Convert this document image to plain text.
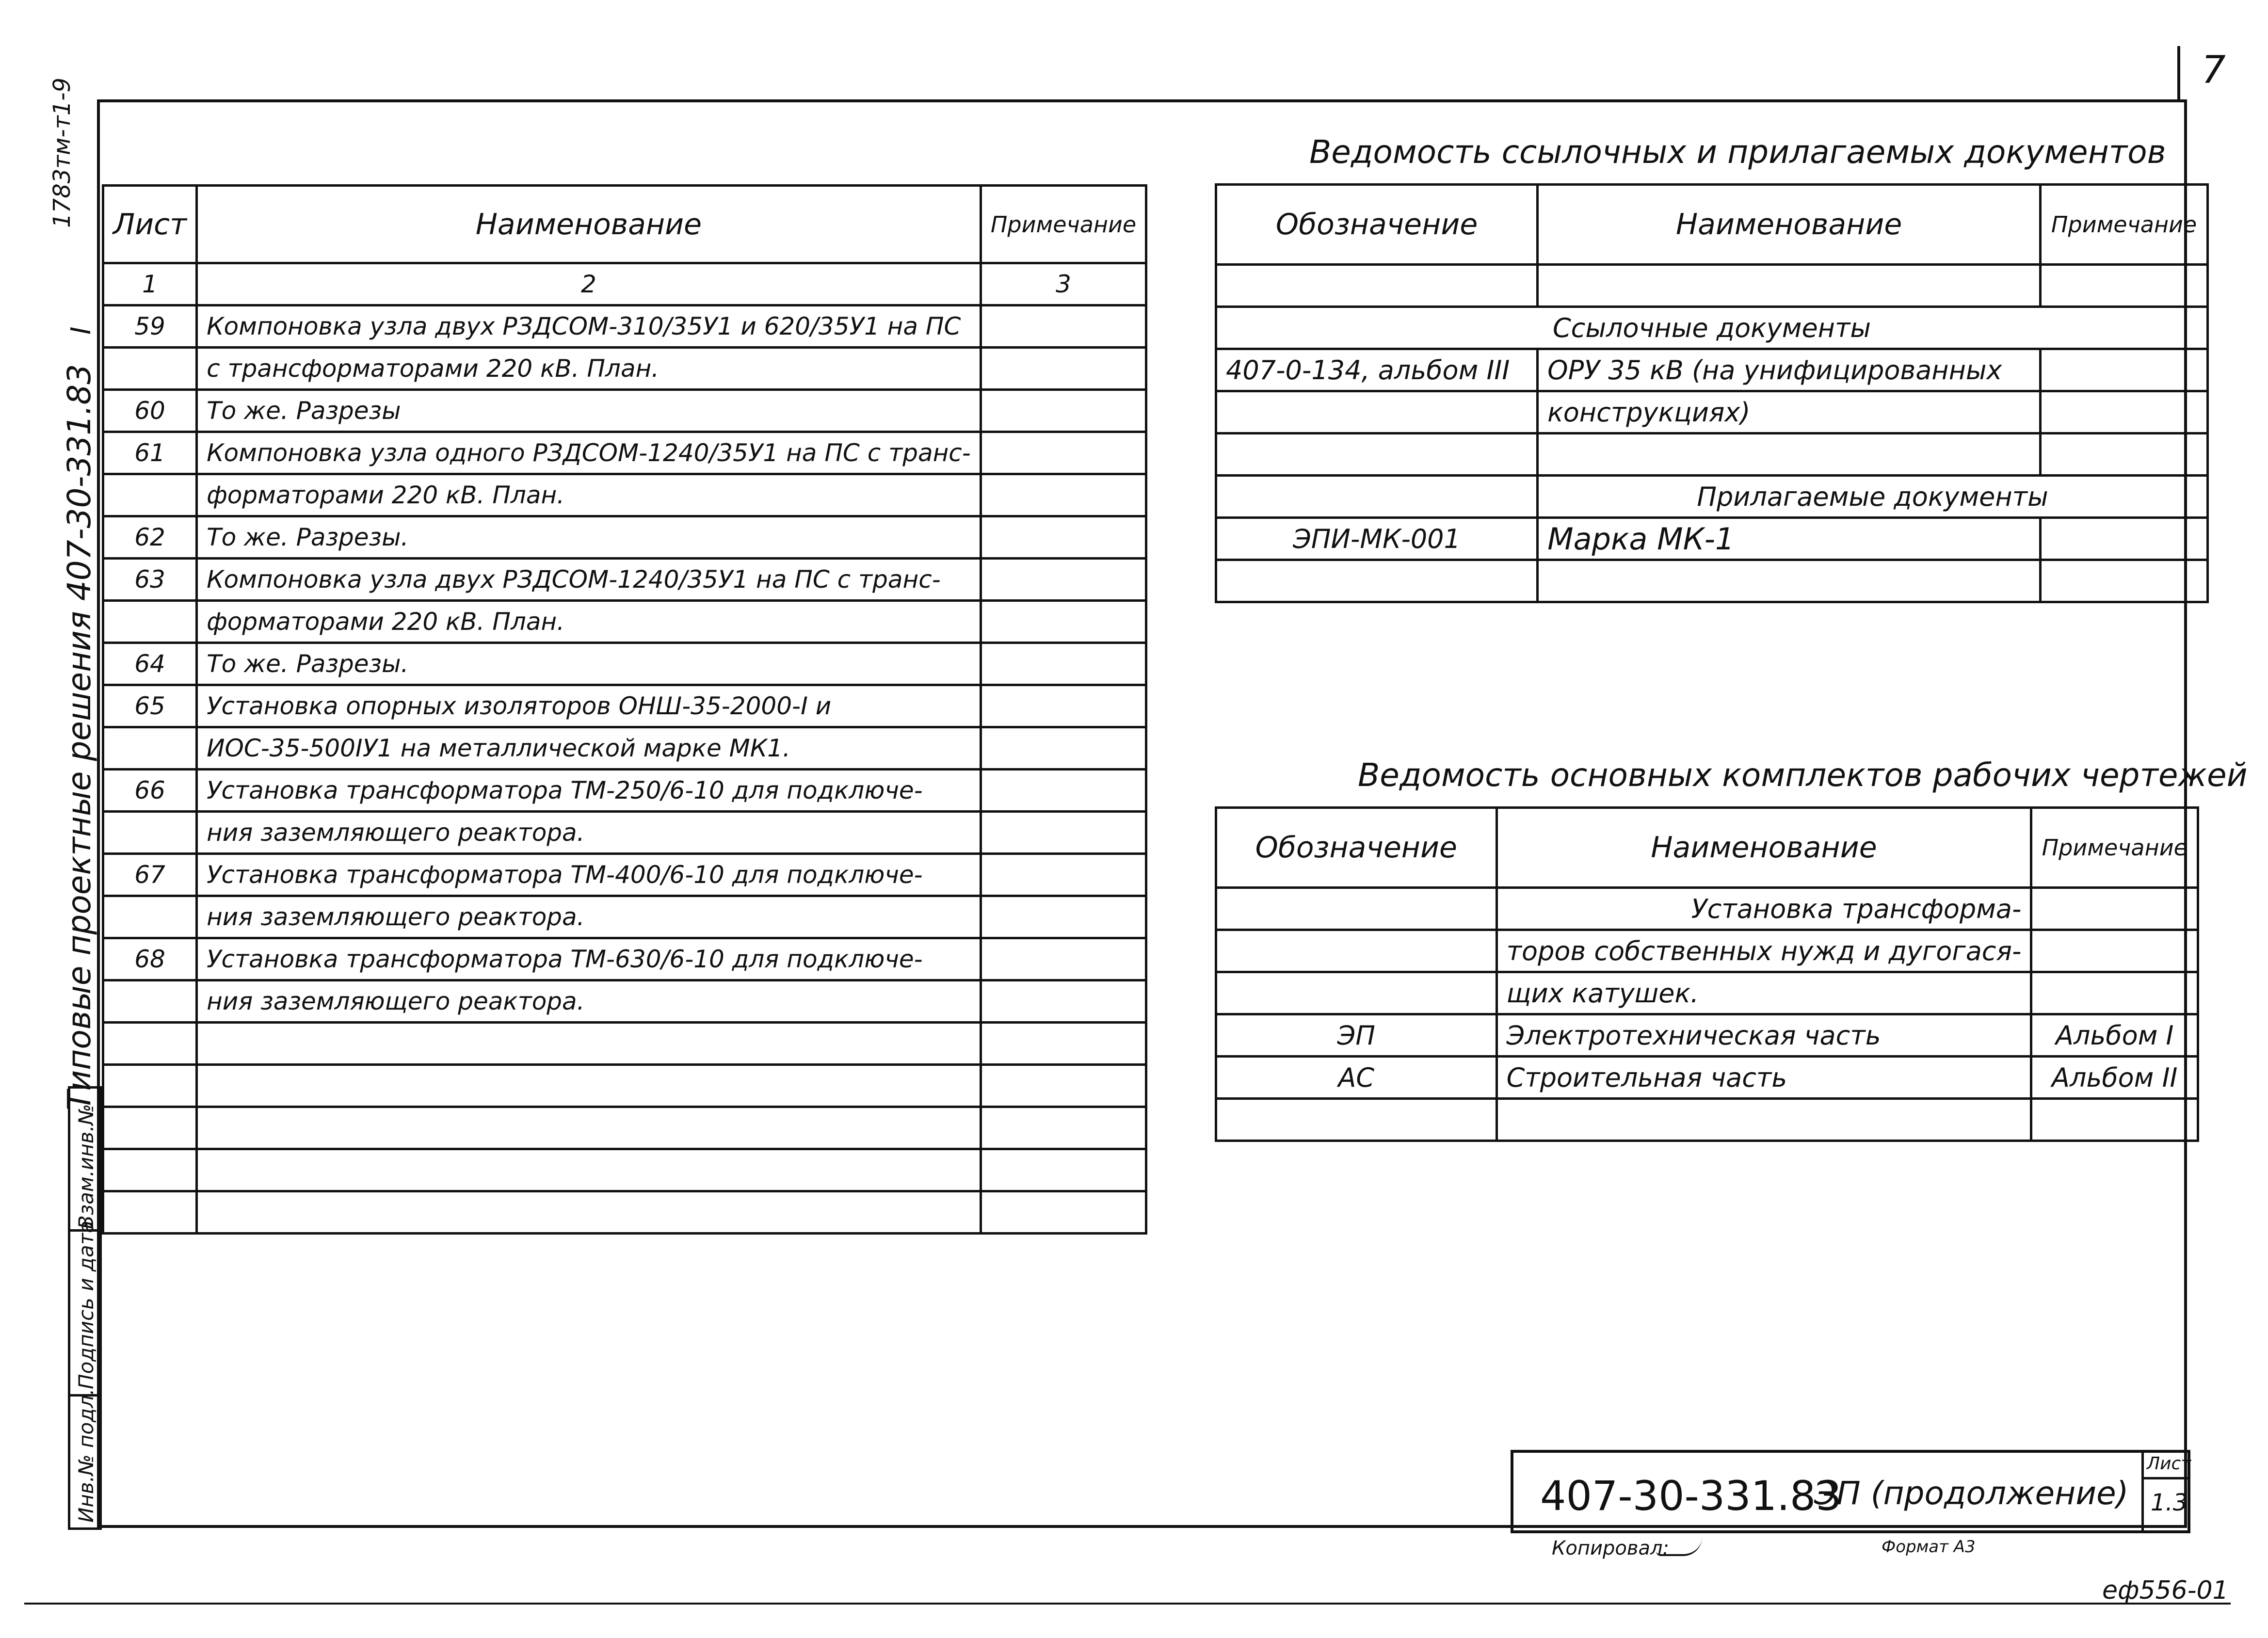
7
1783тм-т1-9
I
Типовые проектные решения 407-30-331.83
Взам.инв.№
Подпись и дата
Инв.№ подл.
Лист	Наименование	Примечание
1	2	3
59	Компоновка узла двух РЗДСОМ-310/35У1 и 620/35У1 на ПС	
	с трансформаторами 220 кВ. План.	
60	То же. Разрезы	
61	Компоновка узла одного РЗДСОМ-1240/35У1 на ПС с транс-	
	форматорами 220 кВ. План.	
62	То же. Разрезы.	
63	Компоновка узла двух РЗДСОМ-1240/35У1 на ПС с транс-	
	форматорами 220 кВ. План.	
64	То же. Разрезы.	
65	Установка опорных изоляторов ОНШ-35-2000-I и	
	ИОС-35-500IУ1 на металлической марке МК1.	
66	Установка трансформатора ТМ-250/6-10 для подключе-	
	ния заземляющего реактора.	
67	Установка трансформатора ТМ-400/6-10 для подключе-	
	ния заземляющего реактора.	
68	Установка трансформатора ТМ-630/6-10 для подключе-	
	ния заземляющего реактора.	

Ведомость ссылочных и прилагаемых документов
Обозначение	Наименование	Примечание

Ссылочные документы		
407-0-134, альбом III	ОРУ 35 кВ (на унифицированных	
	конструкциях)	

	Прилагаемые документы	
ЭПИ-МК-001	Марка МК-1	

Ведомость основных комплектов рабочих чертежей
Обозначение	Наименование	Примечание
	Установка трансформа-	
	торов собственных нужд и дугогася-	
	щих катушек.	
ЭП	Электротехническая часть	Альбом I
АС	Строительная часть	Альбом II

407-30-331.83
ЭП (продолжение)
Лист
1.3
Копировал:	Формат А3
еф556-01
